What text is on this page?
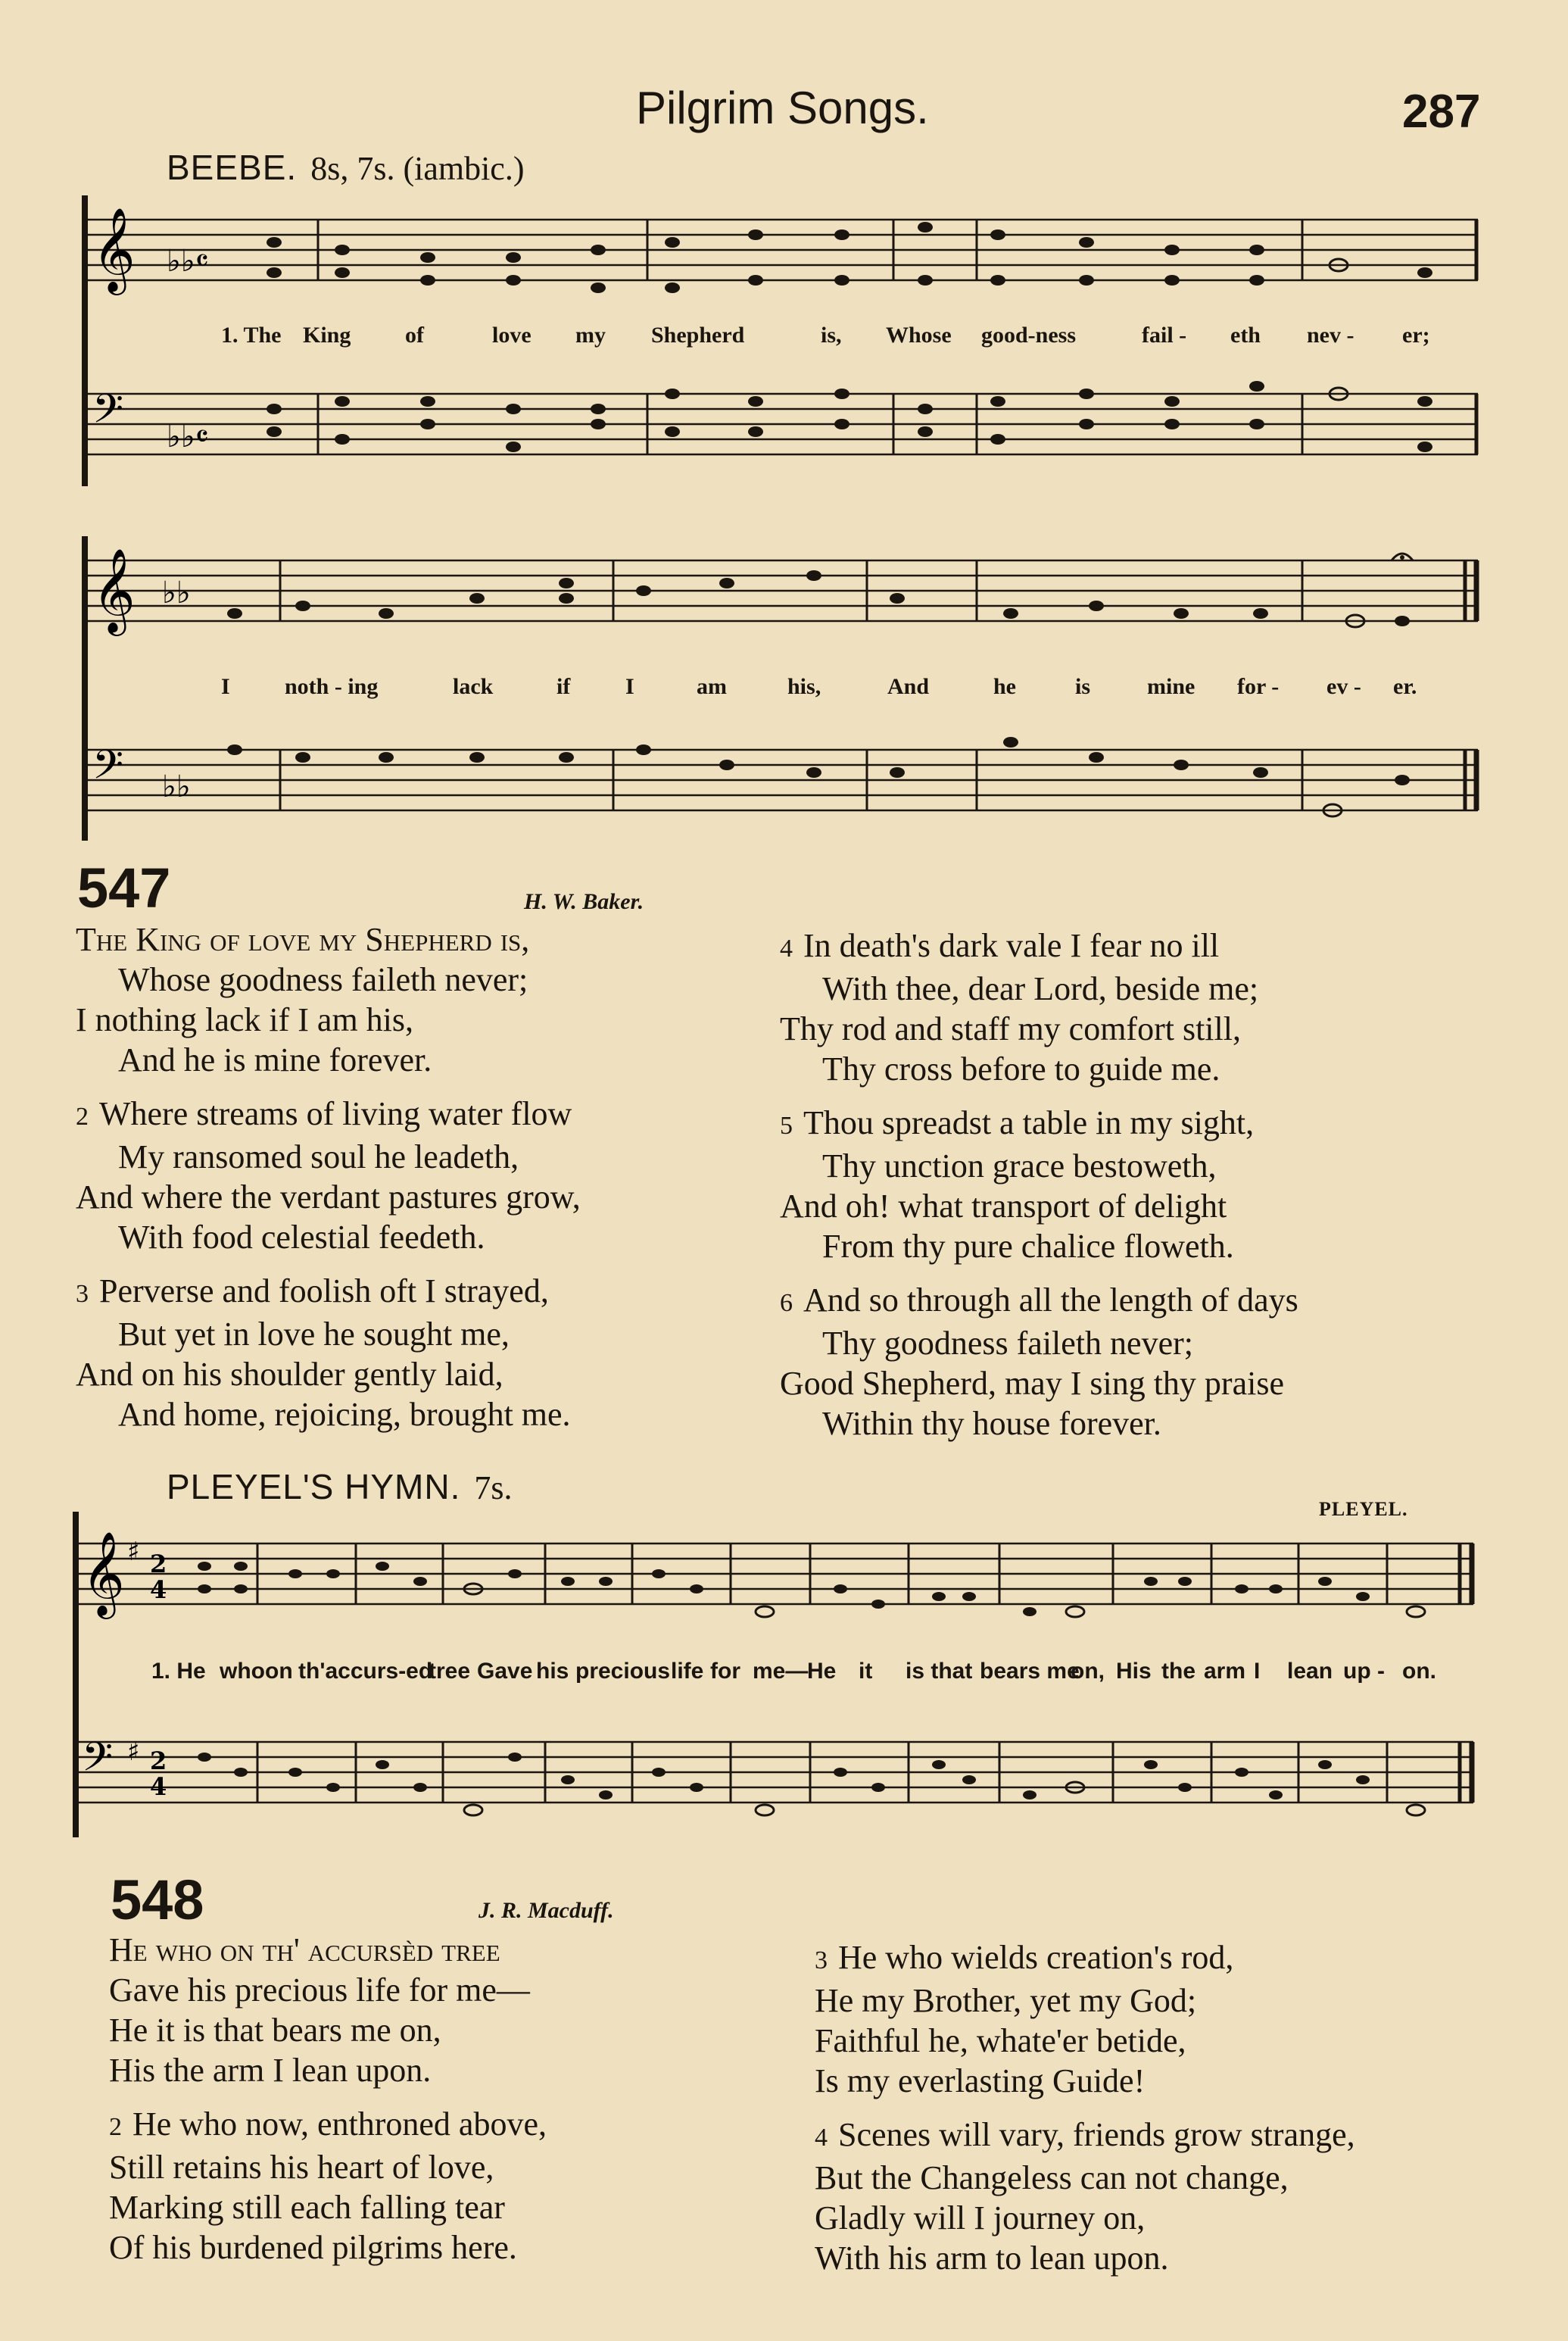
Pilgrim Songs.	287
BEEBE. 8s, 7s. (iambic.)
𝄞
𝄢
♭♭𝄴
♭♭𝄴
1. The King of	love my Shepherd	is, Whose good-ness	fail - eth nev - er;
𝄞
𝄢
♭♭
♭♭
I noth - ing	lack	if I	am	his,	And	he	is mine for - ev - er.
547	H. W. Baker.

The King of love my Shepherd is,

Whose goodness faileth never;

I nothing lack if I am his,

And he is mine forever.

2 Where streams of living water flow

My ransomed soul he leadeth,

And where the verdant pastures grow,

With food celestial feedeth.

3 Perverse and foolish oft I strayed,

But yet in love he sought me,

And on his shoulder gently laid,

And home, rejoicing, brought me.

4 In death's dark vale I fear no ill

With thee, dear Lord, beside me;

Thy rod and staff my comfort still,

Thy cross before to guide me.

5 Thou spreadst a table in my sight,

Thy unction grace bestoweth,

And oh! what transport of delight

From thy pure chalice floweth.

6 And so through all the length of days

Thy goodness faileth never;

Good Shepherd, may I sing thy praise

Within thy house forever.

PLEYEL'S HYMN. 7s.
PLEYEL.
𝄞
𝄢
♯
♯
2
4
2
4
1. He who on th'accurs-ed
tree Gave his precious life for me—
He it is that bears me
on, His the arm I lean up - on.
548	J. R. Macduff.

He who on th' accursèd tree

Gave his precious life for me—

He it is that bears me on,

His the arm I lean upon.

2 He who now, enthroned above,

Still retains his heart of love,

Marking still each falling tear

Of his burdened pilgrims here.

3 He who wields creation's rod,

He my Brother, yet my God;

Faithful he, whate'er betide,

Is my everlasting Guide!

4 Scenes will vary, friends grow strange,

But the Changeless can not change,

Gladly will I journey on,

With his arm to lean upon.
